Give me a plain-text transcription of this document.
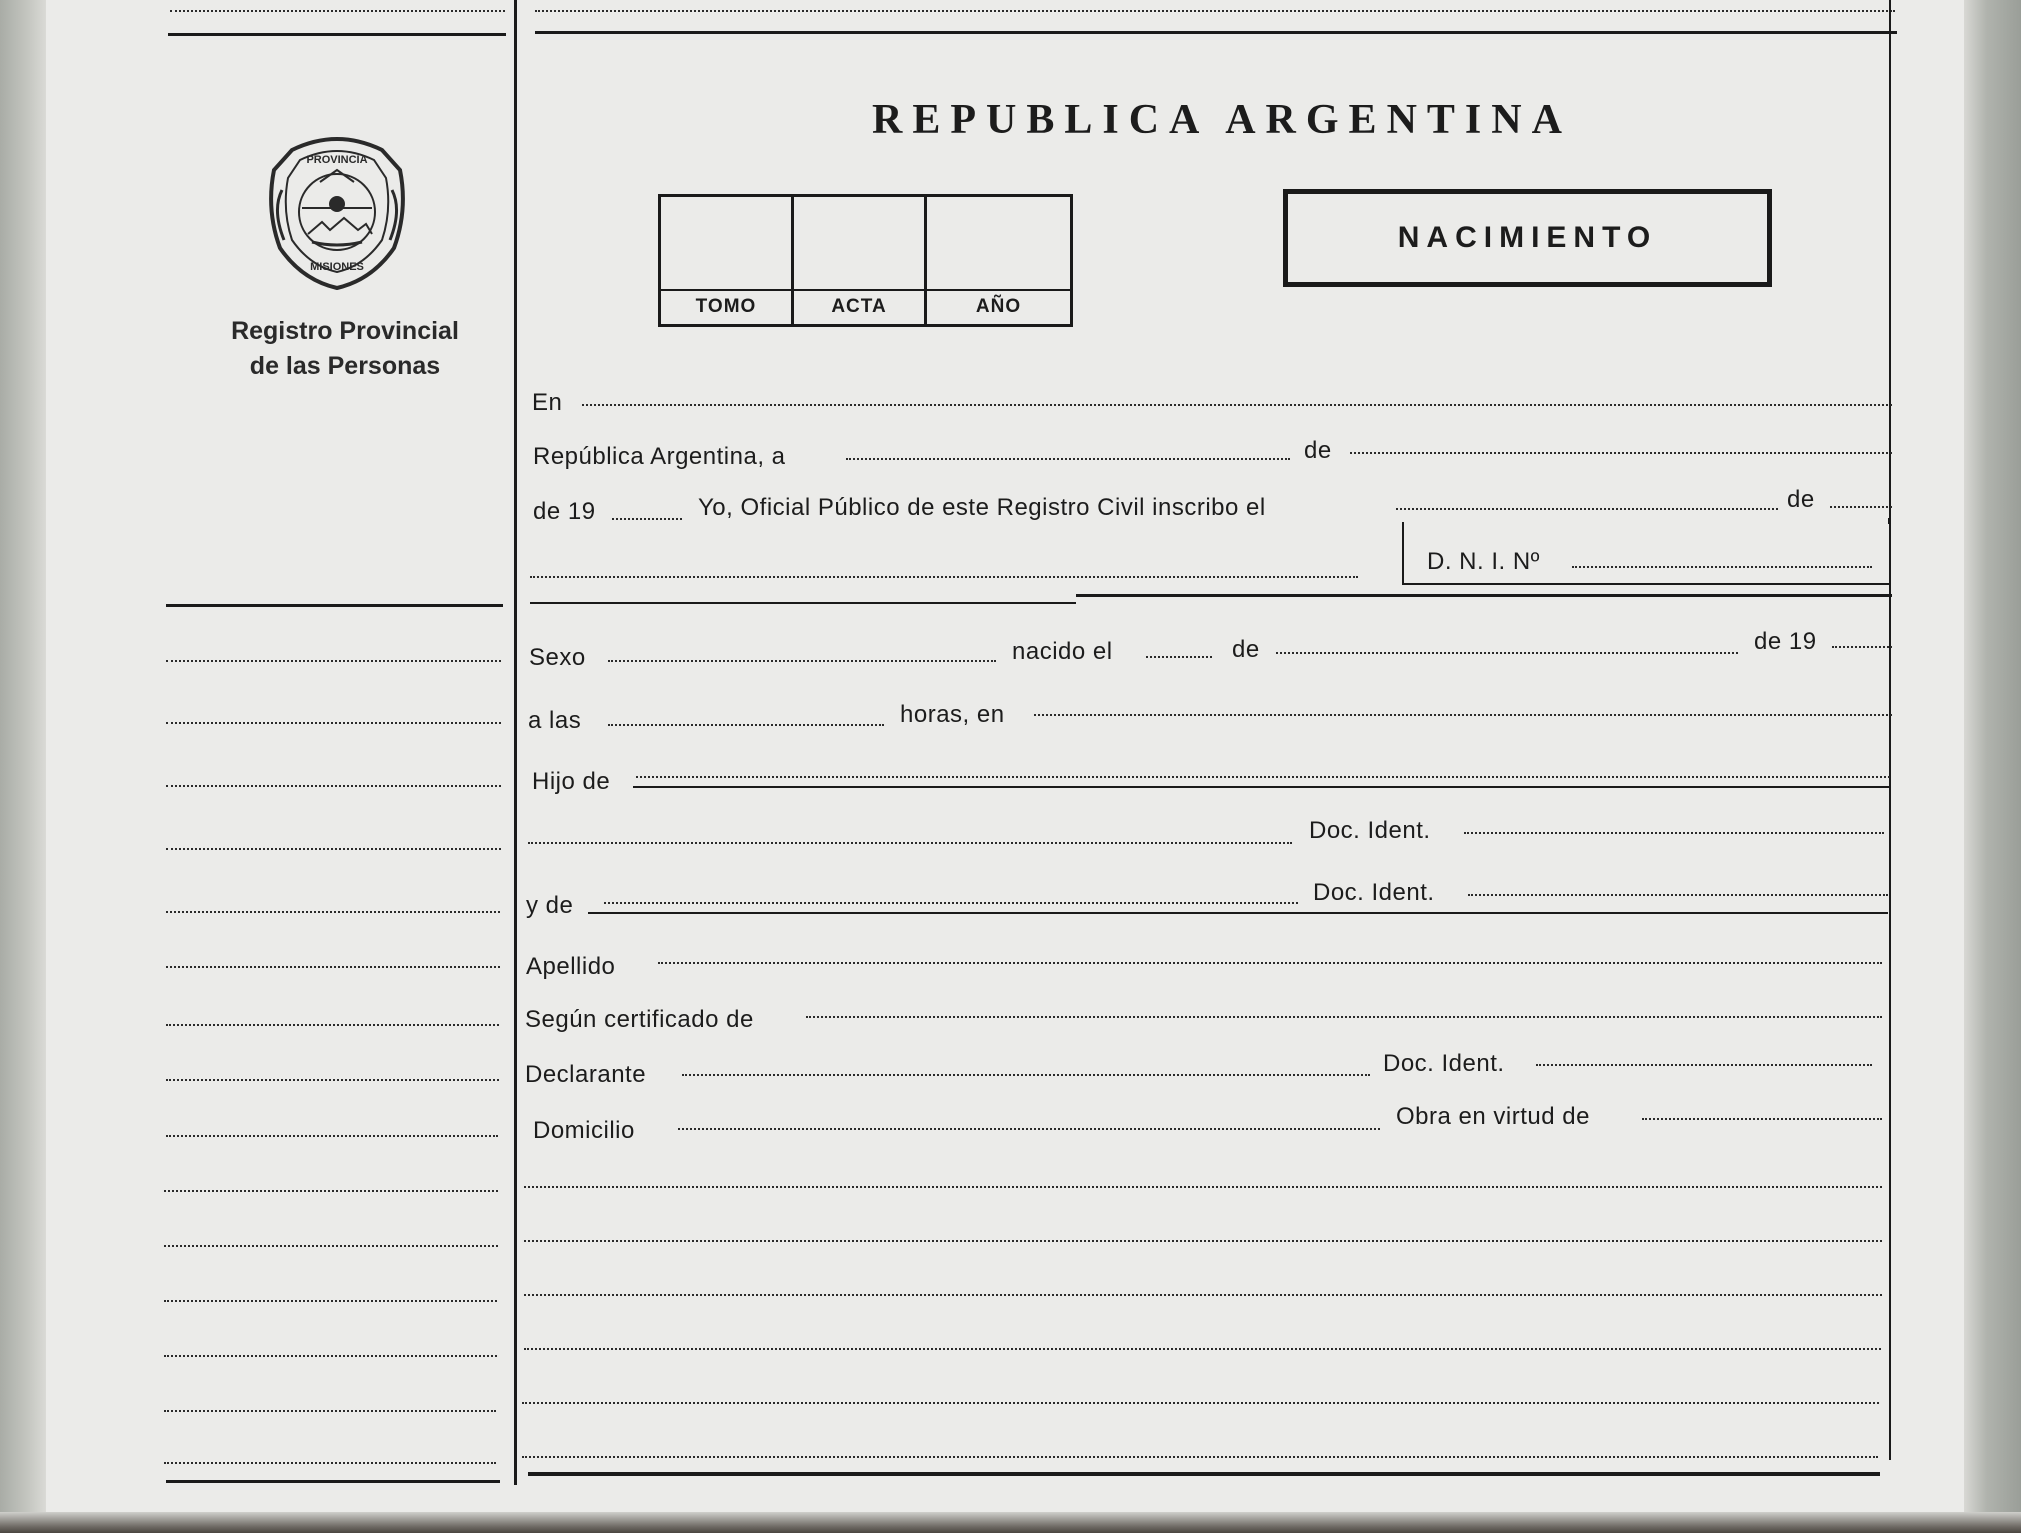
PROVINCIA
MISIONES
Registro Provincial
de las Personas
REPUBLICA ARGENTINA
TOMO	ACTA	AÑO
NACIMIENTO
En
República Argentina, a	de
de 19	Yo, Oficial Público de este Registro Civil inscribo el	de
D. N. I. Nº
Sexo	nacido el	de	de 19
a las	horas, en
Hijo de
Doc. Ident.
y de	Doc. Ident.
Apellido
Según certificado de
Declarante	Doc. Ident.
Domicilio
Obra en virtud de
